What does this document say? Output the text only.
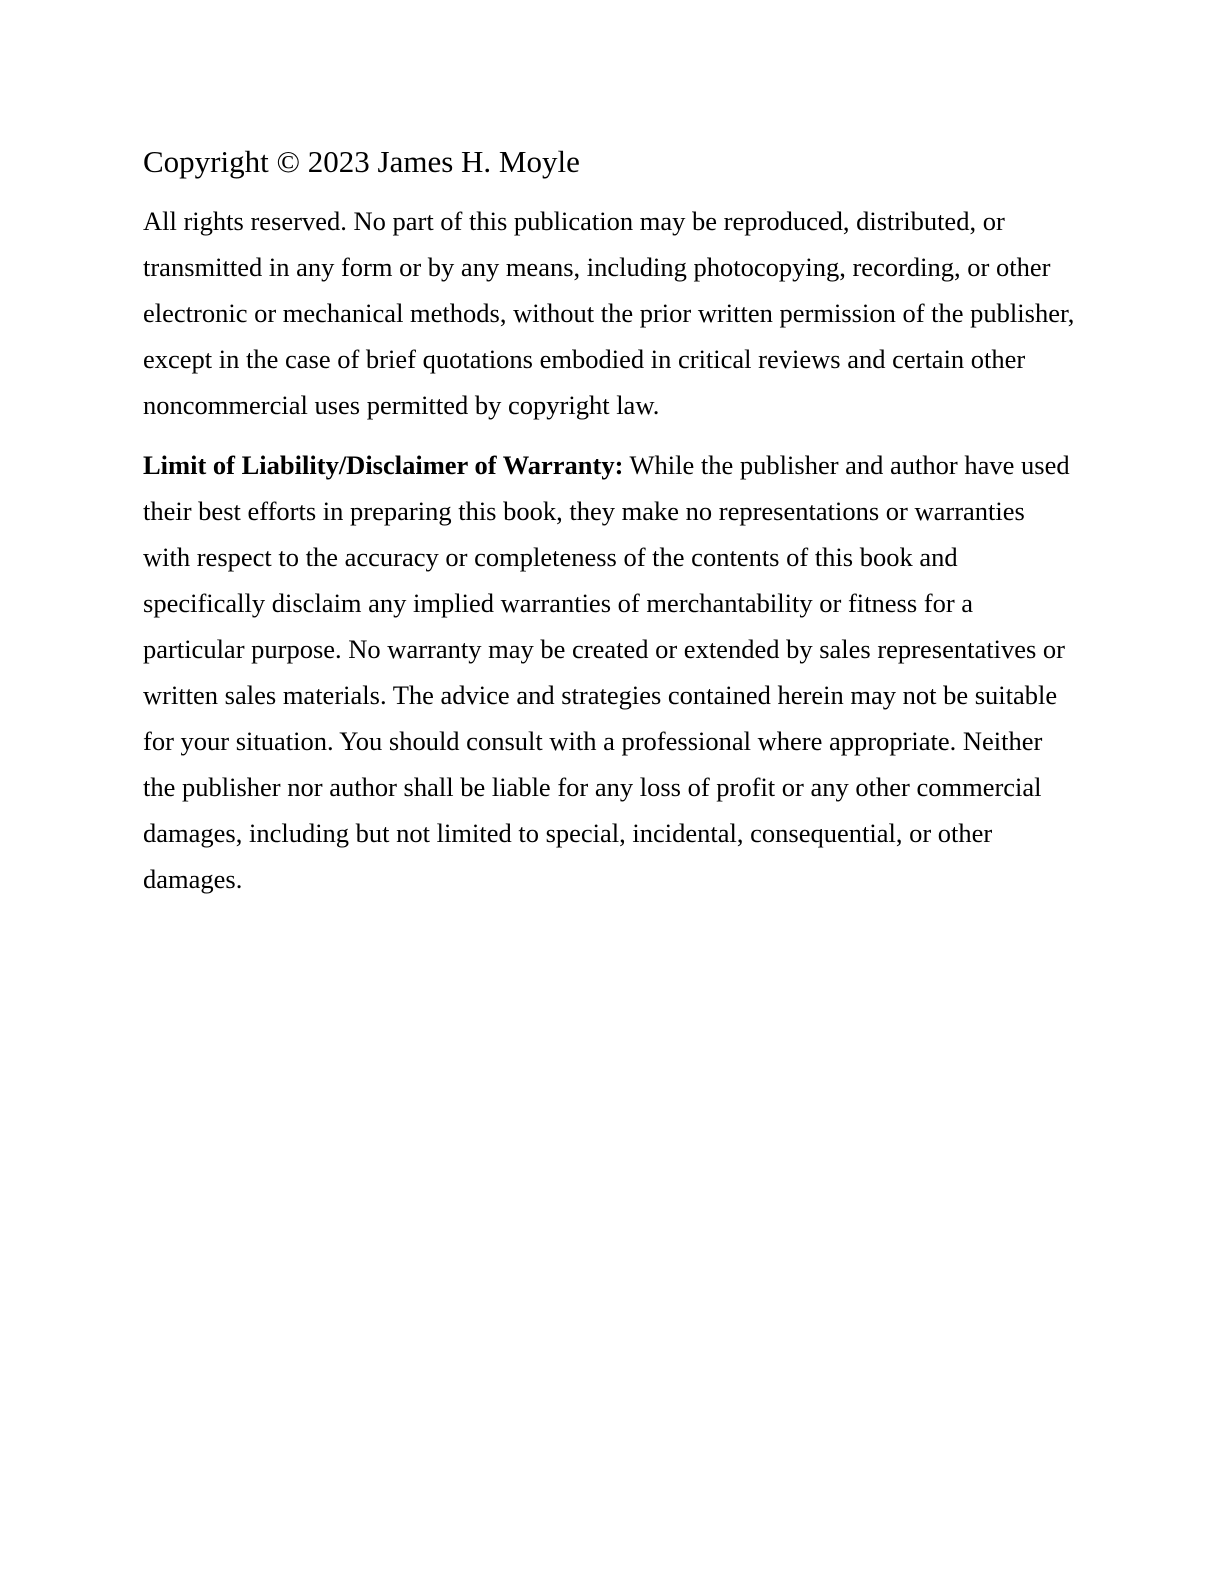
Copyright © 2023 James H. Moyle

All rights reserved. No part of this publication may be reproduced, distributed, or transmitted in any form or by any means, including photocopying, recording, or other electronic or mechanical methods, without the prior written permission of the publisher, except in the case of brief quotations embodied in critical reviews and certain other noncommercial uses permitted by copyright law.

Limit of Liability/Disclaimer of Warranty: While the publisher and author have used their best efforts in preparing this book, they make no representations or warranties with respect to the accuracy or completeness of the contents of this book and specifically disclaim any implied warranties of merchantability or fitness for a particular purpose. No warranty may be created or extended by sales representatives or written sales materials. The advice and strategies contained herein may not be suitable for your situation. You should consult with a professional where appropriate. Neither the publisher nor author shall be liable for any loss of profit or any other commercial damages, including but not limited to special, incidental, consequential, or other damages.
